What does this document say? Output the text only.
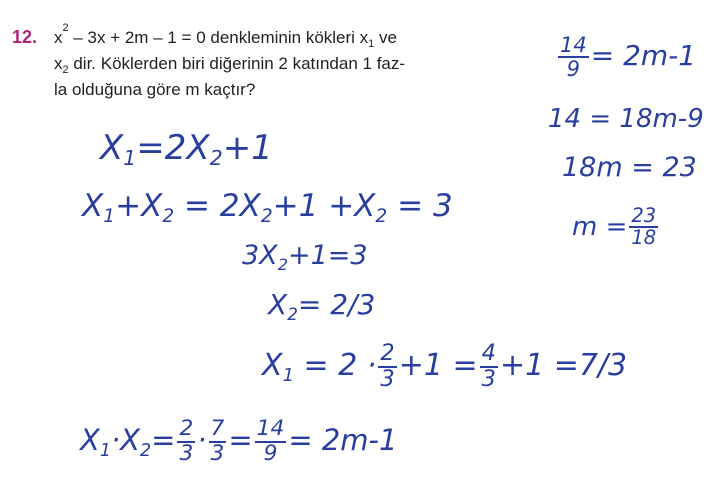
12. $x^2 - 3x + 2m - 1 = 0$ denkleminin kökleri $x_1$ ve
$x_2$ dir. Köklerden biri diğerinin 2 katından 1 faz-
la olduğuna göre m kaçtır?
$X_1=2X_2+1$
$X_1+X_2 = 2X_2+1 +X_2 = 3$
$3X_2+1=3$
$X_2= 2/3$
$X_1 = 2 \cdot \frac{2}{3} +1 = \frac{4}{3} +1 =7/3$
$X_1\cdot X_2= \frac{2}{3} \cdot \frac{7}{3} = \frac{14}{9} = 2m-1$
$\frac{14}{9} = 2m-1$
14 = 18m-9
18m = 23
$m = \frac{23}{18}$
